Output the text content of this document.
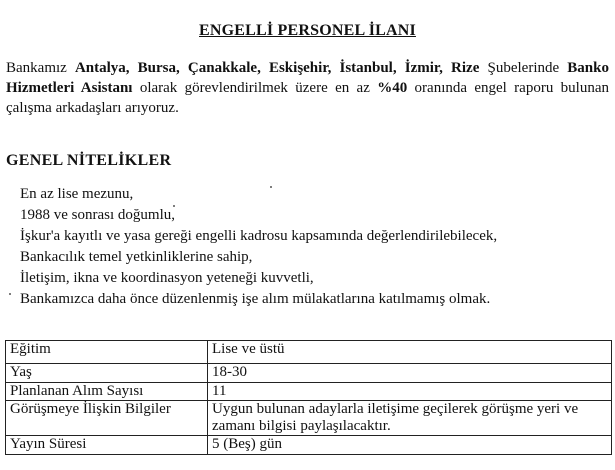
ENGELLİ PERSONEL İLANI
Bankamız Antalya, Bursa, Çanakkale, Eskişehir, İstanbul, İzmir, Rize Şubelerinde Banko Hizmetleri Asistanı olarak görevlendirilmek üzere en az %40 oranında engel raporu bulunan çalışma arkadaşları arıyoruz.
GENEL NİTELİKLER
En az lise mezunu,
1988 ve sonrası doğumlu,
İşkur'a kayıtlı ve yasa gereği engelli kadrosu kapsamında değerlendirilebilecek,
Bankacılık temel yetkinliklerine sahip,
İletişim, ikna ve koordinasyon yeteneği kuvvetli,
Bankamızca daha önce düzenlenmiş işe alım mülakatlarına katılmamış olmak.
Eğitim	Lise ve üstü
Yaş	18-30
Planlanan Alım Sayısı	11
Görüşmeye İlişkin Bilgiler	Uygun bulunan adaylarla iletişime geçilerek görüşme yeri ve zamanı bilgisi paylaşılacaktır.
Yayın Süresi	5 (Beş) gün
